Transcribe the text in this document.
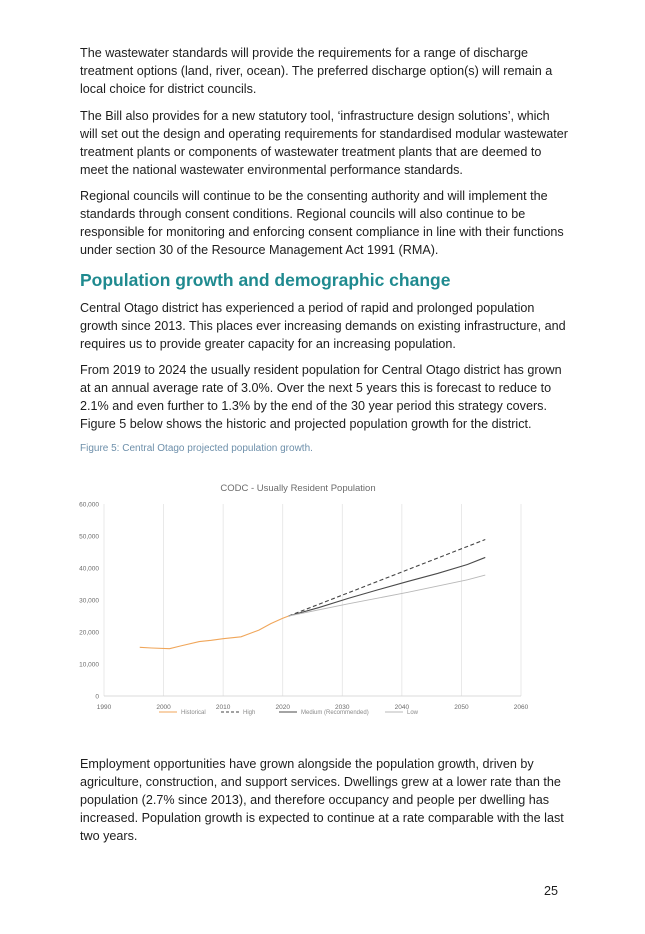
The wastewater standards will provide the requirements for a range of discharge treatment options (land, river, ocean). The preferred discharge option(s) will remain a local choice for district councils.

The Bill also provides for a new statutory tool, ‘infrastructure design solutions’, which will set out the design and operating requirements for standardised modular wastewater treatment plants or components of wastewater treatment plants that are deemed to meet the national wastewater environmental performance standards.

Regional councils will continue to be the consenting authority and will implement the standards through consent conditions. Regional councils will also continue to be responsible for monitoring and enforcing consent compliance in line with their functions under section 30 of the Resource Management Act 1991 (RMA).

Population growth and demographic change

Central Otago district has experienced a period of rapid and prolonged population growth since 2013. This places ever increasing demands on existing infrastructure, and requires us to provide greater capacity for an increasing population.

From 2019 to 2024 the usually resident population for Central Otago district has grown at an annual average rate of 3.0%. Over the next 5 years this is forecast to reduce to 2.1% and even further to 1.3% by the end of the 30 year period this strategy covers. Figure 5 below shows the historic and projected population growth for the district.

Figure 5: Central Otago projected population growth.
CODC - Usually Resident Population
1990	2000	2010	2020	2030	2040	2050	2060
0
10,000
20,000
30,000
40,000
50,000
60,000
Historical	High	Medium (Recommended)	Low

Employment opportunities have grown alongside the population growth, driven by agriculture, construction, and support services. Dwellings grew at a lower rate than the population (2.7% since 2013), and therefore occupancy and people per dwelling has increased. Population growth is expected to continue at a rate comparable with the last two years.

25
